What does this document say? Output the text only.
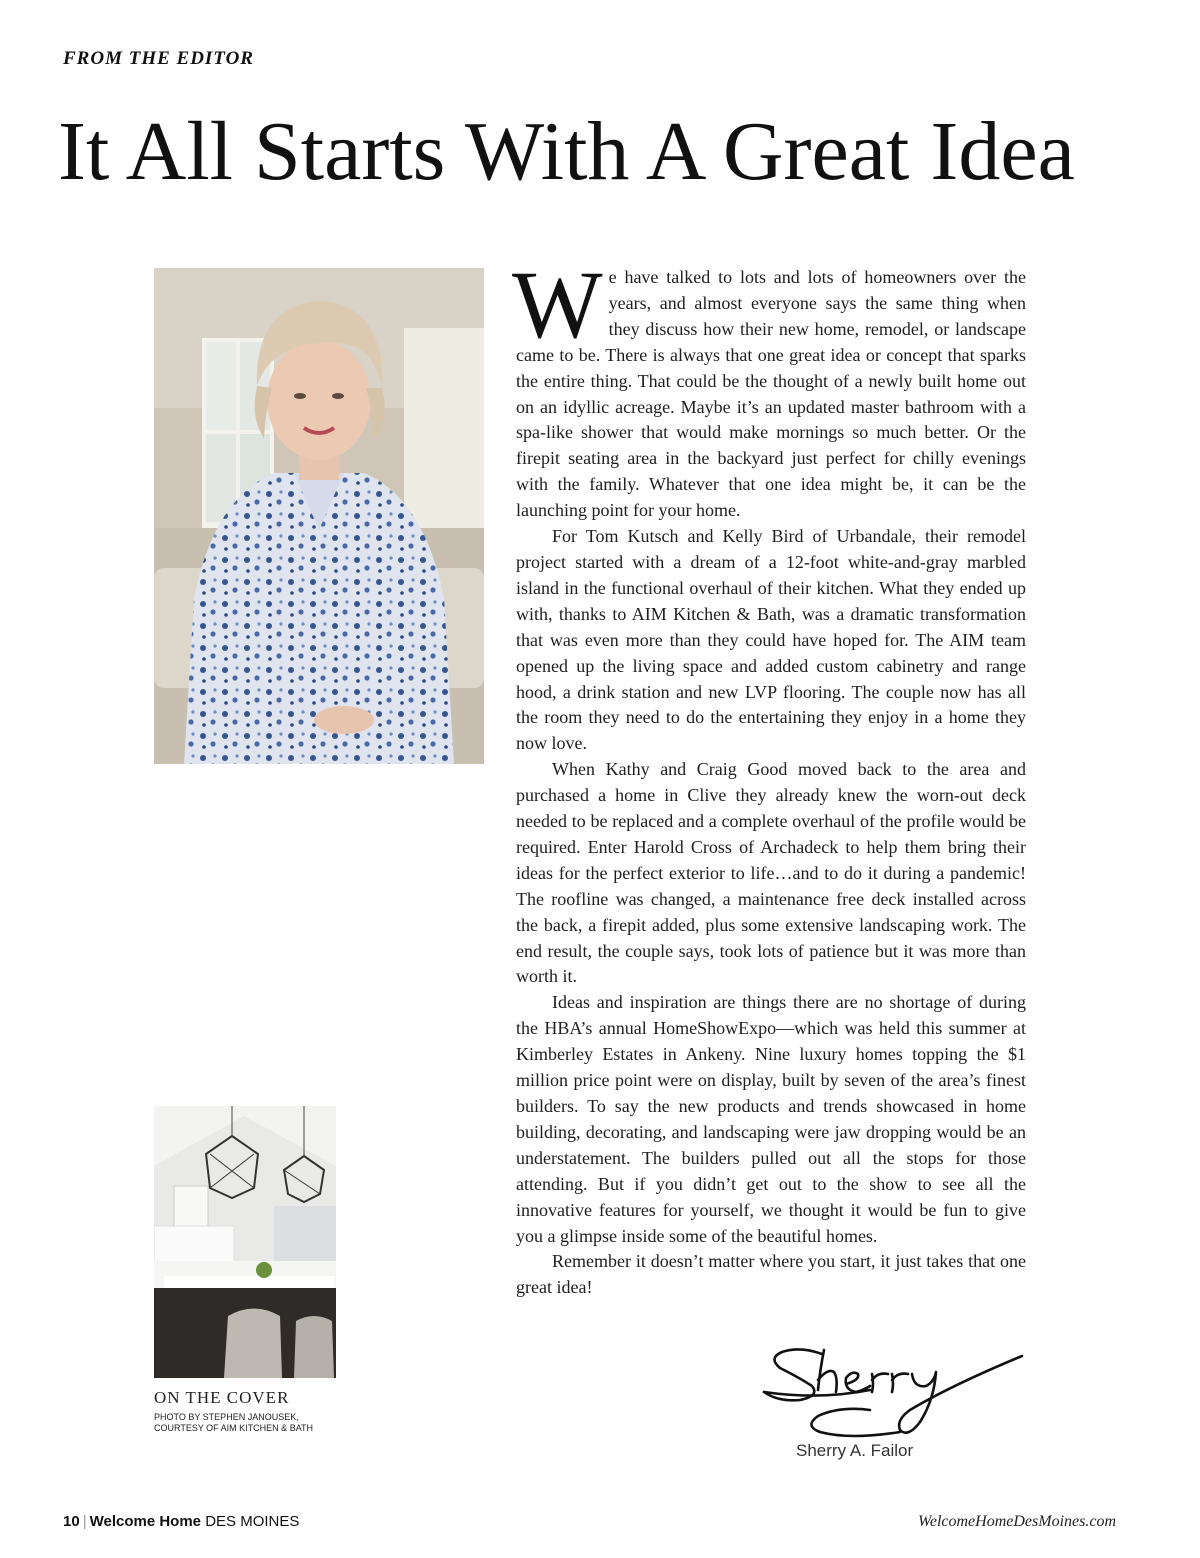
FROM THE EDITOR
It All Starts With A Great Idea
ON THE COVER
PHOTO BY STEPHEN JANOUSEK,
COURTESY OF AIM KITCHEN & BATH

We have talked to lots and lots of homeowners over the years, and almost everyone says the same thing when they discuss how their new home, remodel, or landscape came to be. There is always that one great idea or concept that sparks the entire thing. That could be the thought of a newly built home out on an idyllic acreage. Maybe it’s an updated master bathroom with a spa-like shower that would make mornings so much better. Or the firepit seating area in the backyard just perfect for chilly evenings with the family. Whatever that one idea might be, it can be the launching point for your home.

For Tom Kutsch and Kelly Bird of Urbandale, their remodel project started with a dream of a 12-foot white-and-gray marbled island in the functional overhaul of their kitchen. What they ended up with, thanks to AIM Kitchen & Bath, was a dramatic transformation that was even more than they could have hoped for. The AIM team opened up the living space and added custom cabinetry and range hood, a drink station and new LVP flooring. The couple now has all the room they need to do the entertaining they enjoy in a home they now love.

When Kathy and Craig Good moved back to the area and purchased a home in Clive they already knew the worn-out deck needed to be replaced and a complete overhaul of the profile would be required. Enter Harold Cross of Archadeck to help them bring their ideas for the perfect exterior to life…and to do it during a pandemic! The roofline was changed, a maintenance free deck installed across the back, a firepit added, plus some extensive landscaping work. The end result, the couple says, took lots of patience but it was more than worth it.

Ideas and inspiration are things there are no shortage of during the HBA’s annual HomeShowExpo—which was held this summer at Kimberley Estates in Ankeny. Nine luxury homes topping the $1 million price point were on display, built by seven of the area’s finest builders. To say the new products and trends showcased in home building, decorating, and landscaping were jaw dropping would be an understatement. The builders pulled out all the stops for those attending. But if you didn’t get out to the show to see all the innovative features for yourself, we thought it would be fun to give you a glimpse inside some of the beautiful homes.

Remember it doesn’t matter where you start, it just takes that one great idea!

Sherry A. Failor
10 | Welcome Home DES MOINES	WelcomeHomeDesMoines.com
